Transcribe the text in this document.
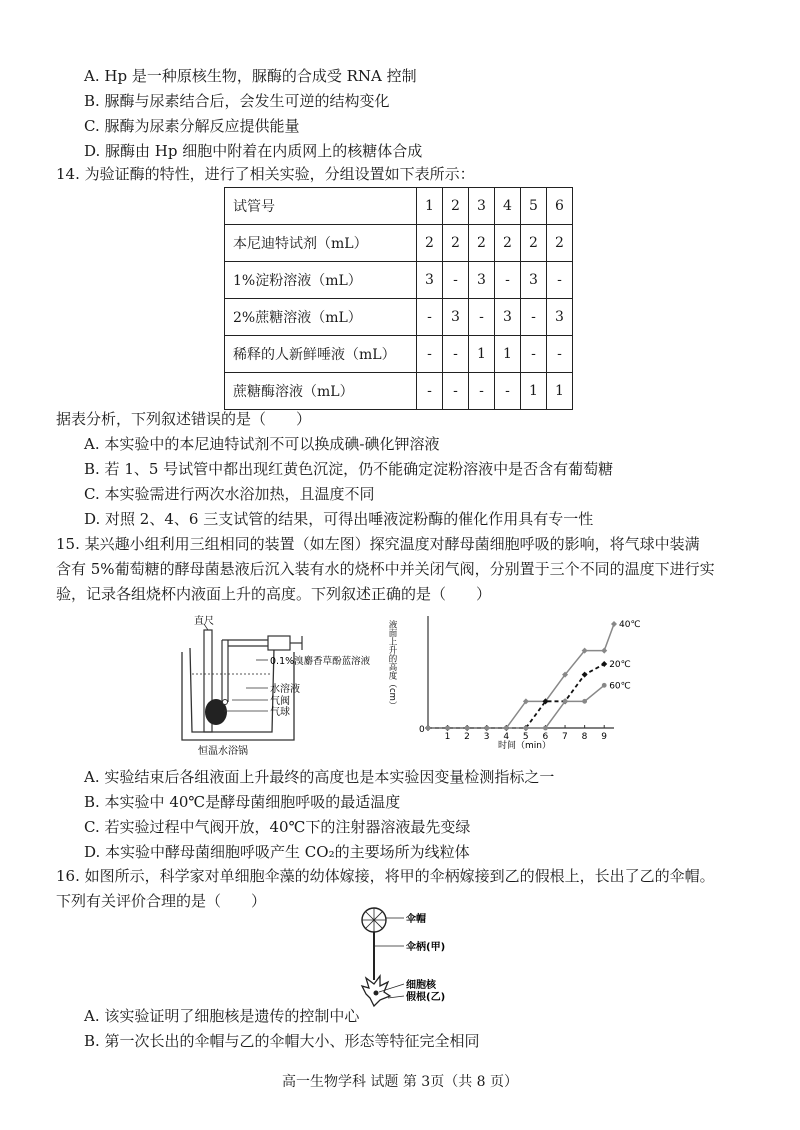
A. Hp 是一种原核生物，脲酶的合成受 RNA 控制
B. 脲酶与尿素结合后，会发生可逆的结构变化
C. 脲酶为尿素分解反应提供能量
D. 脲酶由 Hp 细胞中附着在内质网上的核糖体合成
14. 为验证酶的特性，进行了相关实验，分组设置如下表所示：
试管号	1	2	3	4	5	6
本尼迪特试剂（mL）	2	2	2	2	2	2
1%淀粉溶液（mL）	3	-	3	-	3	-
2%蔗糖溶液（mL）	-	3	-	3	-	3
稀释的人新鲜唾液（mL）	-	-	1	1	-	-
蔗糖酶溶液（mL）	-	-	-	-	1	1
据表分析，下列叙述错误的是（　　）
A. 本实验中的本尼迪特试剂不可以换成碘-碘化钾溶液
B. 若 1、5 号试管中都出现红黄色沉淀，仍不能确定淀粉溶液中是否含有葡萄糖
C. 本实验需进行两次水浴加热，且温度不同
D. 对照 2、4、6 三支试管的结果，可得出唾液淀粉酶的催化作用具有专一性
15. 某兴趣小组利用三组相同的装置（如左图）探究温度对酵母菌细胞呼吸的影响，将气球中装满
含有 5%葡萄糖的酵母菌悬液后沉入装有水的烧杯中并关闭气阀，分别置于三个不同的温度下进行实
验，记录各组烧杯内液面上升的高度。下列叙述正确的是（　　）
直尺
0.1%溴麝香草酚蓝溶液
水溶液
气阀
气球
恒温水浴锅
液面上升的高度（cm）
0
时间（min）
1 2 3 4 5 6 7 8 9
40℃
20℃
60℃
A. 实验结束后各组液面上升最终的高度也是本实验因变量检测指标之一
B. 本实验中 40℃是酵母菌细胞呼吸的最适温度
C. 若实验过程中气阀开放，40℃下的注射器溶液最先变绿
D. 本实验中酵母菌细胞呼吸产生 CO₂的主要场所为线粒体
16. 如图所示，科学家对单细胞伞藻的幼体嫁接，将甲的伞柄嫁接到乙的假根上，长出了乙的伞帽。
下列有关评价合理的是（　　）
伞帽
伞柄(甲)
细胞核
假根(乙)
A. 该实验证明了细胞核是遗传的控制中心
B. 第一次长出的伞帽与乙的伞帽大小、形态等特征完全相同
高一生物学科 试题 第 3页（共 8 页）
